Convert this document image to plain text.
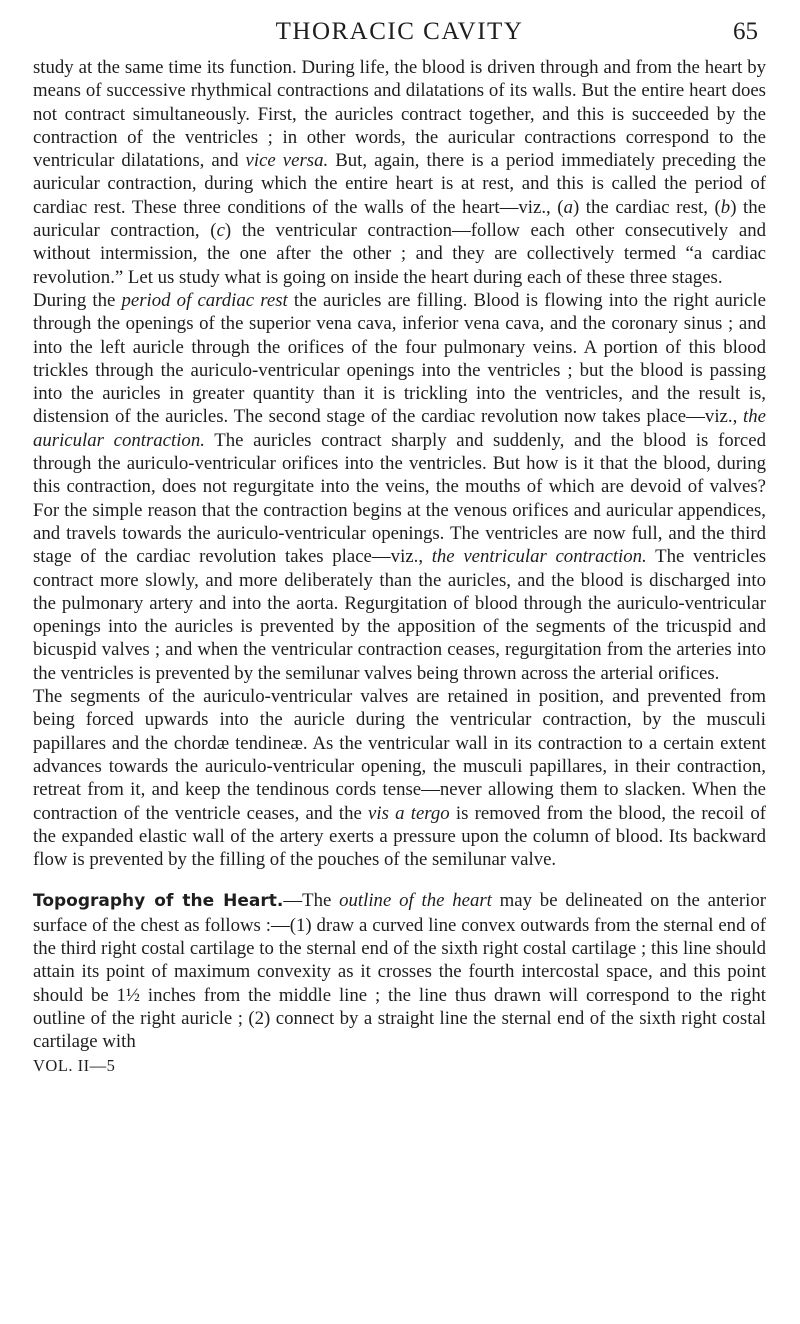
THORACIC CAVITY	65

study at the same time its function. During life, the blood is driven through and from the heart by means of successive rhythmical contractions and dilatations of its walls. But the entire heart does not contract simultaneously. First, the auricles contract together, and this is succeeded by the contraction of the ventricles ; in other words, the auricular contractions correspond to the ventricular dilatations, and vice versa. But, again, there is a period immediately preceding the auricular contraction, during which the entire heart is at rest, and this is called the period of cardiac rest. These three conditions of the walls of the heart—viz., (a) the cardiac rest, (b) the auricular contraction, (c) the ventricular contraction—follow each other consecutively and without intermission, the one after the other ; and they are collectively termed “a cardiac revolution.” Let us study what is going on inside the heart during each of these three stages.

During the period of cardiac rest the auricles are filling. Blood is flowing into the right auricle through the openings of the superior vena cava, inferior vena cava, and the coronary sinus ; and into the left auricle through the orifices of the four pulmonary veins. A portion of this blood trickles through the auriculo-ventricular openings into the ventricles ; but the blood is passing into the auricles in greater quantity than it is trickling into the ventricles, and the result is, distension of the auricles. The second stage of the cardiac revolution now takes place—viz., the auricular contraction. The auricles contract sharply and suddenly, and the blood is forced through the auriculo-ventricular orifices into the ventricles. But how is it that the blood, during this contraction, does not regurgitate into the veins, the mouths of which are devoid of valves? For the simple reason that the contraction begins at the venous orifices and auricular appendices, and travels towards the auriculo-ventricular openings. The ventricles are now full, and the third stage of the cardiac revolution takes place—viz., the ventricular contraction. The ventricles contract more slowly, and more deliberately than the auricles, and the blood is discharged into the pulmonary artery and into the aorta. Regurgitation of blood through the auriculo-ventricular openings into the auricles is prevented by the apposition of the segments of the tricuspid and bicuspid valves ; and when the ventricular contraction ceases, regurgitation from the arteries into the ventricles is prevented by the semilunar valves being thrown across the arterial orifices.

The segments of the auriculo-ventricular valves are retained in position, and prevented from being forced upwards into the auricle during the ventricular contraction, by the musculi papillares and the chordæ tendineæ. As the ventricular wall in its contraction to a certain extent advances towards the auriculo-ventricular opening, the musculi papillares, in their contraction, retreat from it, and keep the tendinous cords tense—never allowing them to slacken. When the contraction of the ventricle ceases, and the vis a tergo is removed from the blood, the recoil of the expanded elastic wall of the artery exerts a pressure upon the column of blood. Its backward flow is prevented by the filling of the pouches of the semilunar valve.

Topography of the Heart.—The outline of the heart may be delineated on the anterior surface of the chest as follows :—(1) draw a curved line convex outwards from the sternal end of the third right costal cartilage to the sternal end of the sixth right costal cartilage ; this line should attain its point of maximum convexity as it crosses the fourth intercostal space, and this point should be 1½ inches from the middle line ; the line thus drawn will correspond to the right outline of the right auricle ; (2) connect by a straight line the sternal end of the sixth right costal cartilage with

VOL. II—5
